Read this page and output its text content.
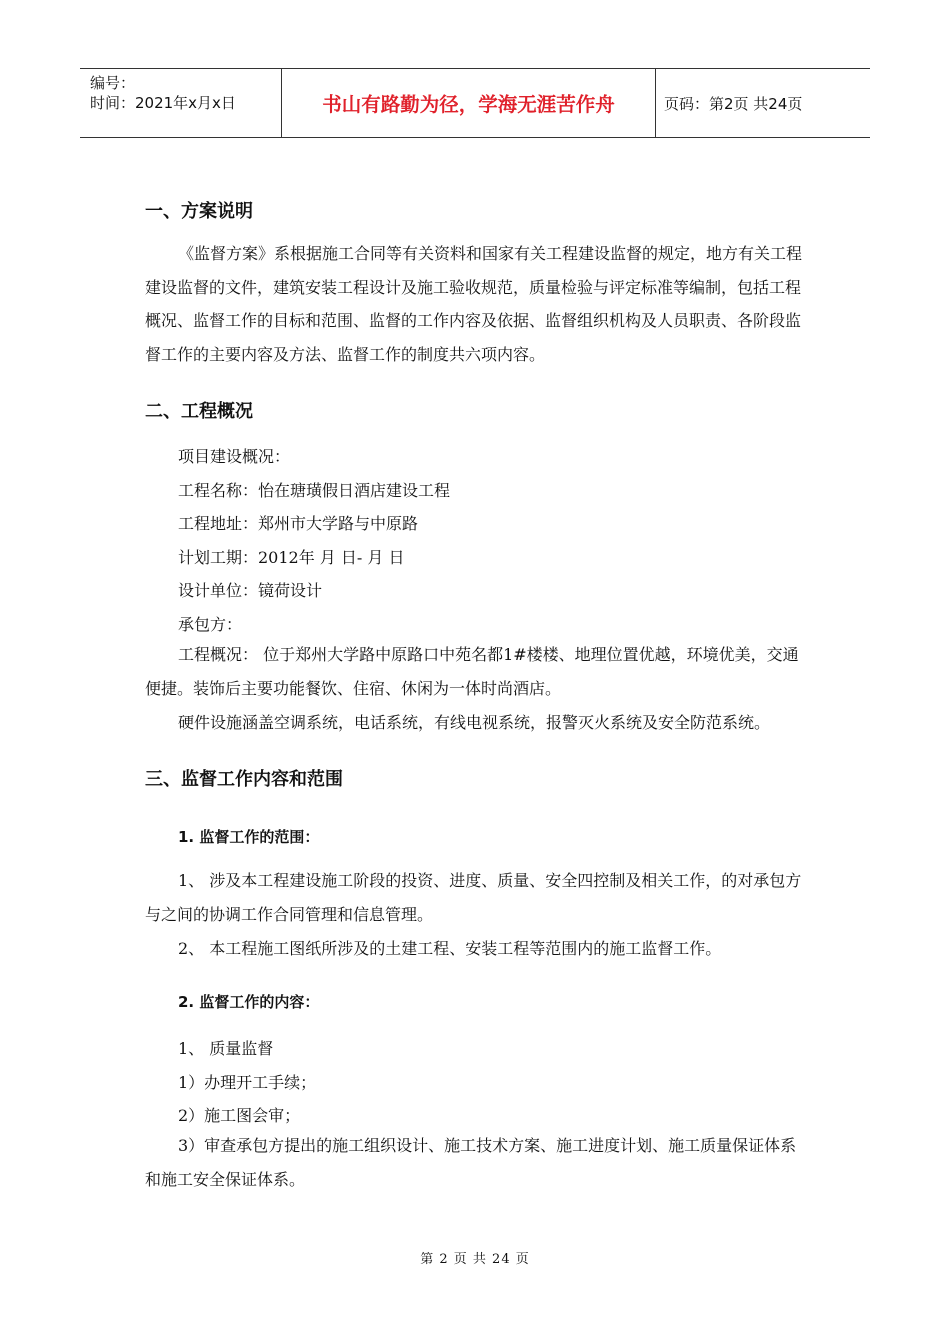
编号：
时间：2021年x月x日	书山有路勤为径，学海无涯苦作舟	页码：第2页 共24页
一、方案说明

《监督方案》系根据施工合同等有关资料和国家有关工程建设监督的规定，地方有关工程建设监督的文件，建筑安装工程设计及施工验收规范，质量检验与评定标准等编制，包括工程概况、监督工作的目标和范围、监督的工作内容及依据、监督组织机构及人员职责、各阶段监督工作的主要内容及方法、监督工作的制度共六项内容。

二、工程概况
项目建设概况：
工程名称：怡在瑭璜假日酒店建设工程
工程地址：郑州市大学路与中原路
计划工期：2012年 月 日- 月 日
设计单位：镜荷设计
承包方：

工程概况： 位于郑州大学路中原路口中苑名都1#楼楼、地理位置优越，环境优美，交通便捷。装饰后主要功能餐饮、住宿、休闲为一体时尚酒店。

硬件设施涵盖空调系统，电话系统，有线电视系统，报警灭火系统及安全防范系统。

三、监督工作内容和范围
1. 监督工作的范围：

1、 涉及本工程建设施工阶段的投资、进度、质量、安全四控制及相关工作，的对承包方与之间的协调工作合同管理和信息管理。

2、 本工程施工图纸所涉及的土建工程、安装工程等范围内的施工监督工作。

2. 监督工作的内容：
1、 质量监督
1）办理开工手续；
2）施工图会审；

3）审查承包方提出的施工组织设计、施工技术方案、施工进度计划、施工质量保证体系和施工安全保证体系。

第 2 页 共 24 页
